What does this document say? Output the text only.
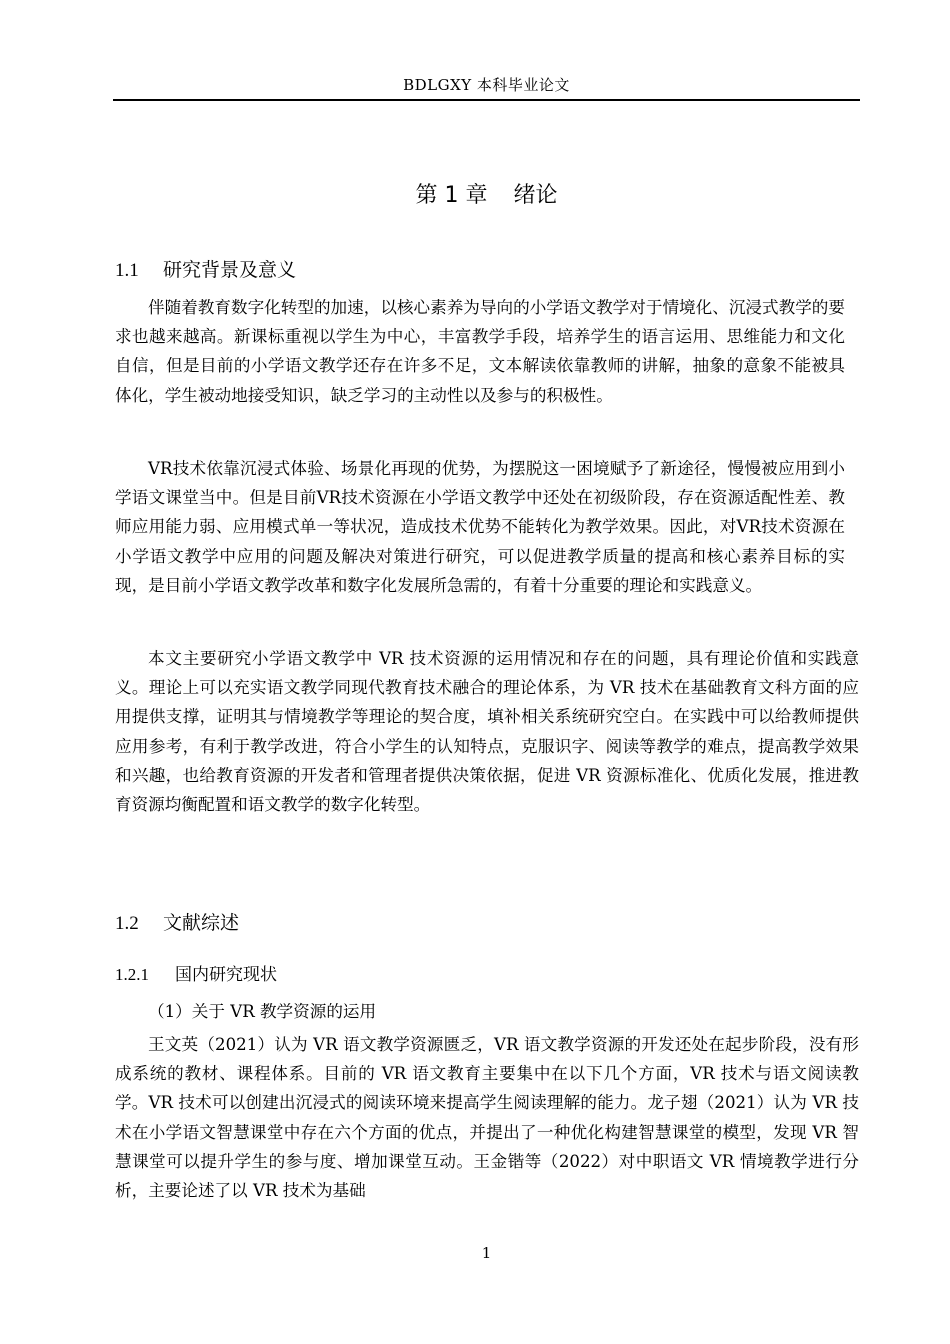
BDLGXY 本科毕业论文
第 1 章 绪论
1.1 研究背景及意义

伴随着教育数字化转型的加速，以核心素养为导向的小学语文教学对于情境化、沉浸式教学的要求也越来越高。新课标重视以学生为中心，丰富教学手段，培养学生的语言运用、思维能力和文化自信，但是目前的小学语文教学还存在许多不足，文本解读依靠教师的讲解，抽象的意象不能被具体化，学生被动地接受知识，缺乏学习的主动性以及参与的积极性。

VR技术依靠沉浸式体验、场景化再现的优势，为摆脱这一困境赋予了新途径，慢慢被应用到小学语文课堂当中。但是目前VR技术资源在小学语文教学中还处在初级阶段，存在资源适配性差、教师应用能力弱、应用模式单一等状况，造成技术优势不能转化为教学效果。因此，对VR技术资源在小学语文教学中应用的问题及解决对策进行研究，可以促进教学质量的提高和核心素养目标的实现，是目前小学语文教学改革和数字化发展所急需的，有着十分重要的理论和实践意义。

本文主要研究小学语文教学中 VR 技术资源的运用情况和存在的问题，具有理论价值和实践意义。理论上可以充实语文教学同现代教育技术融合的理论体系，为 VR 技术在基础教育文科方面的应用提供支撑，证明其与情境教学等理论的契合度，填补相关系统研究空白。在实践中可以给教师提供应用参考，有利于教学改进，符合小学生的认知特点，克服识字、阅读等教学的难点，提高教学效果和兴趣，也给教育资源的开发者和管理者提供决策依据，促进 VR 资源标准化、优质化发展，推进教育资源均衡配置和语文教学的数字化转型。

1.2 文献综述
1.2.1 国内研究现状
（1）关于 VR 教学资源的运用

王文英（2021）认为 VR 语文教学资源匮乏，VR 语文教学资源的开发还处在起步阶段，没有形成系统的教材、课程体系。目前的 VR 语文教育主要集中在以下几个方面，VR 技术与语文阅读教学。VR 技术可以创建出沉浸式的阅读环境来提高学生阅读理解的能力。龙子翅（2021）认为 VR 技术在小学语文智慧课堂中存在六个方面的优点，并提出了一种优化构建智慧课堂的模型，发现 VR 智慧课堂可以提升学生的参与度、增加课堂互动。王金锴等（2022）对中职语文 VR 情境教学进行分析，主要论述了以 VR 技术为基础

1
